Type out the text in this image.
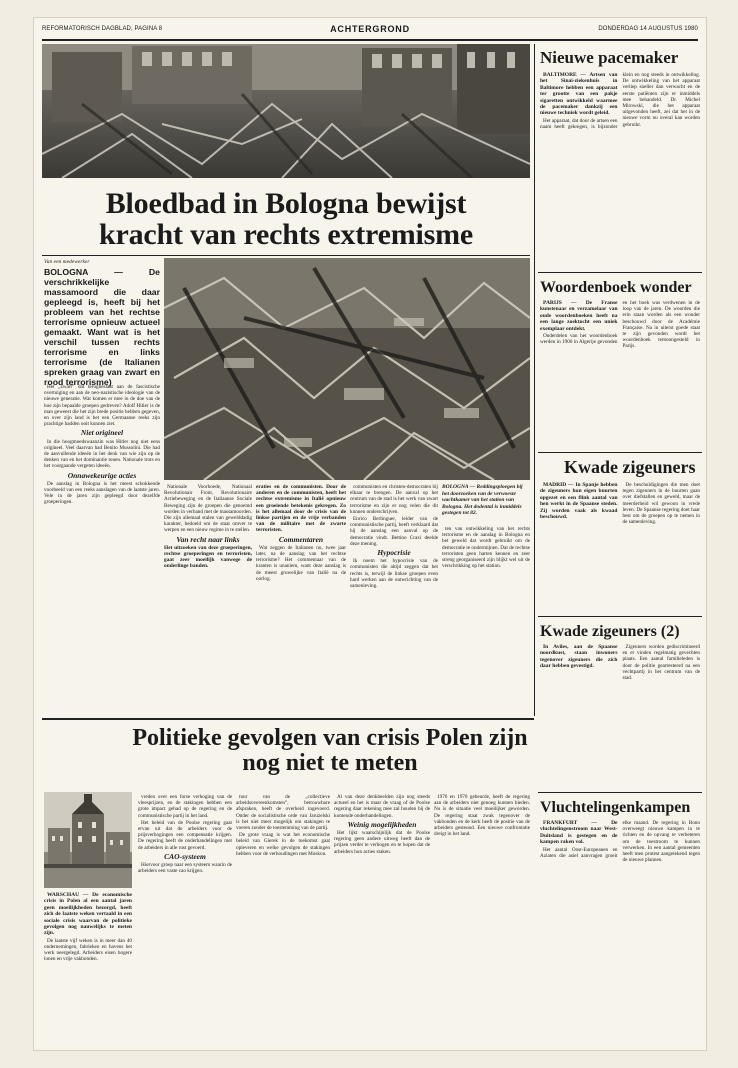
REFORMATORISCH DAGBLAD, PAGINA 8	ACHTERGROND	DONDERDAG 14 AUGUSTUS 1980
Bloedbad in Bologna bewijst kracht van rechts extremisme
Van een medewerker
BOLOGNA — De verschrikkelijke massamoord die daar gepleegd is, heeft bij het probleem van het rechtse terrorisme opnieuw actueel gemaakt. Want wat is het verschil tussen rechts terrorisme en links terrorisme (de Italianen spreken graag van zwart en rood terrorisme)

Het „zwart” dat terugbeslaat aan de fascistische overtuiging en aan de neo-nazistische ideologie van de nieuwe generatie. Wat komen er mee in de doe van de hoe zijn bepaalde groepen gedreven? Adolf Hitler is de man geweest die het zijn brede positie hebben gegeven, en over zijn land is het een Germaanse reeks zijn prachtige hadden ooit kunnen ziet.

Niet origineel

In die hoogmoedswaanzin was Hitler nog niet eens origineel. Veel daarvan had Benito Mussolini. Die had de aanvullende ideeën in het denk van wie zijn op de denken van en het dominantie tonen. Nationale trots en het voorgaande vergeten ideeën.

Onnawekeurige acties

De aanslag in Bologna is het meest schokkende voorbeeld van een reeks aanslagen van de laatste jaren. Vele in de jaren zijn gepleegd door dezelfde groeperingen.

Nationale Voorhoede, Nationaal Revolutionair Front, Revolutionaire Actiebeweging en de Italiaanse Sociale Beweging zijn de groepen die genoemd worden in verband met de massamoorden. Die zijn allemaal stalen van gewelddadig karakter, bedoeld om de staat omver te werpen en een nieuw regime in te stellen.

Van recht naar links

Het uitzoeken van deze groeperingen, rechtse groeperingen en terroristen, gaat zeer moeilijk vanwege de onderlinge banden.

eraties en de communisten. Door de anderen en de communisten, heeft het rechtse extremisme in Italië opnieuw een groeiende betekenis gekregen. Zo is het allemaal door de crisis van de linkse partijen en de vrije verbanden van de militaire met de zwarte terroristen.

Commentaren

Wat zeggen de Italianen nu, twee jaar later, na de aanslag van het rechtse terrorisme? Het commentaar van de kranten is unaniem, want deze aanslag is de meest gruwelijke van Italië na de oorlog.

communisten en christen-democraten bij elkaar te brengen. De aanval op het centrum van de stad is het werk van zwart terrorisme en zijn er nog velen die dit kunnen onderschrijven.

Enrico Berlinguer, leider van de communistische partij, heeft verklaard dat hij de aanslag een aanval op de democratie vindt. Bettino Craxi deelde deze mening.

Hypocrisie

Ik noem het hypocrisie van de communisten die altijd zeggen dat het rechts is, terwijl de linkse groepen even hard werken aan de ontwrichting van de samenleving.

BOLOGNA — Reddingsploegen bij het doorzoeken van de verwoeste wachtkamer van het station van Bologna. Het dodental is inmiddels gestegen tot 82.

ten van ontwikkeling van het rechts terrorisme en de aanslag in Bologna en het geweld dat wordt gebruikt om de democratie te ondermijnen. Dat de rechtse terroristen geen harten kennen en zeer streng georganiseerd zijn blijkt wel uit de verschrikking op het station.

Nieuwe pacemaker

BALTIMORE — Artsen van het Sinai-ziekenhuis in Baltimore hebben een apparaat ter grootte van een pakje sigaretten ontwikkeld waarmee de pacemaker dankzij een nieuwe techniek wordt geleid.

Het apparaat, dat door de artsen een naam heeft gekregen, is bijzonder klein en nog steeds in ontwikkeling. De ontwikkeling van het apparaat verliep sneller dan verwacht en de eerste patiënten zijn er inmiddels mee behandeld. Dr. Michel Mirowski, die het apparaat uitgevonden heeft, zei dat het in de nieuwe vorm nu overal kan worden gebruikt.

Woordenboek wonder

PARIJS — De Franse kunstenaar en verzamelaar van oude woordenboeken heeft na een lange zoektocht een uniek exemplaar ontdekt.

Onderdelen van het woordenboek werden in 1900 in Algerije gevonden en het boek was verdwenen in de loop van de jaren. De woorden die erin staan worden als een wonder beschouwd door de Académie Française. Na in uiterst goede staat te zijn gevonden wordt het woordenboek tentoongesteld in Parijs.

Kwade zigeuners

MADRID — In Spanje hebben de zigeuners hun eigen buurten opgezet en een flink aantal van hen werkt in de Spaanse steden. Zij worden vaak als kwaad beschouwd.

De beschuldigingen die men doet tegen zigeuners in de buurten gaan over diefstallen en geweld, maar de meerderheid wil gewoon in vrede leven. De Spaanse regering doet haar best om de groepen op te nemen in de samenleving.

Kwade zigeuners (2)

In Aviles, aan de Spaanse noordkust, staan inwoners tegenover zigeuners die zich daar hebben gevestigd.

Zigeuners worden gediscrimineerd en er vinden regelmatig gevechten plaats. Een aantal familieleden is door de politie gearresteerd na een vechtpartij in het centrum van de stad.

Vluchtelingenkampen

FRANKFURT — De vluchtelingenstroom naar West-Duitsland is gestegen en de kampen raken vol.

Het aantal Oost-Europeanen en Aziaten die asiel aanvragen groeit elke maand. De regering in Bonn overweegt nieuwe kampen in te richten en de opvang te verbeteren om de toestroom te kunnen verwerken. In een aantal gemeenten heeft men protest aangetekend tegen de nieuwe plannen.

Politieke gevolgen van crisis Polen zijn nog niet te meten

WARSCHAU — De economische crisis in Polen al een aantal jaren geen moeilijkheden bezorgd, heeft zich de laatste weken vertaald in een sociale crisis waarvan de politieke gevolgen nog nauwelijks te meten zijn.

De laatste vijf weken is in meer dan 40 ondernemingen, fabrieken en havens het werk neergelegd. Arbeiders eisen hogere lonen en vrije vakbonden.

vreden over een forse verhoging van de vleesprijzen, en de stakingen hebben een grote impact gehad op de regering en de communistische partij in het land.

Het beleid van de Poolse regering gaat ervan uit dat de arbeiders voor de prijsverhogingen een compensatie krijgen. De regering heeft de onderhandelingen met de arbeiders in alle rust gevoerd.

CAO-systeem

Hiervoor groep naar een systeem waarin de arbeiders een vaste cao krijgen.

tuur van de „collectieve arbeidsovereenkomsten”, betrouwbare afspraken, heeft de overheid ingevoerd. Onder de socialistische orde van Jaruzelski is het niet meer mogelijk om stakingen te voeren zonder de toestemming van de partij.

De grote vraag is wat het economische beleid van Gierek in de toekomst gaat opleveren en welke gevolgen de stakingen hebben voor de verhoudingen met Moskou.

Al van deze denkbeelden zijn nog steeds actueel en het is maar de vraag of de Poolse regering daar rekening mee zal houden bij de komende onderhandelingen.

Weinig mogelijkheden

Het lijkt waarschijnlijk dat de Poolse regering geen andere uitweg heeft dan de prijzen verder te verhogen en te hopen dat de arbeiders hun acties staken.

1976 en 1970 gebeurde, heeft de regering aan de arbeiders niet genoeg kunnen bieden. Nu is de situatie veel moeilijker geworden. De regering staat zwak tegenover de vakbonden en de kerk heeft de positie van de arbeiders gesteund. Een nieuwe confrontatie dreigt in het land.
